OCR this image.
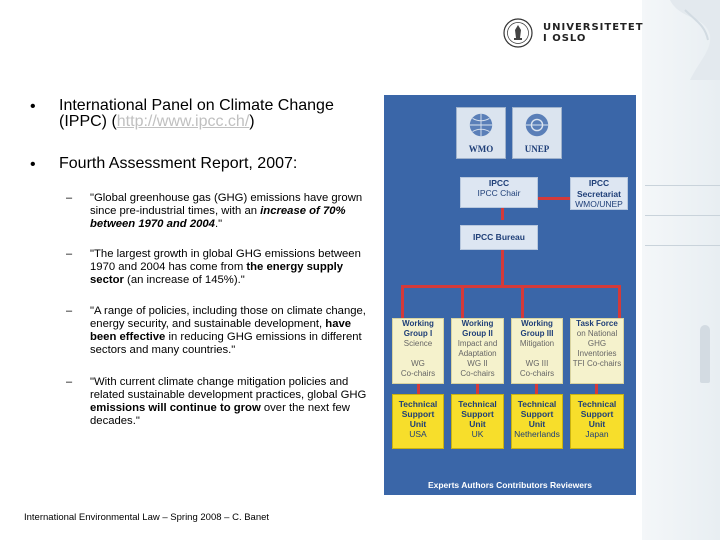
UNIVERSITETET
I OSLO
• International Panel on Climate Change (IPPC) (http://www.ipcc.ch/)
• Fourth Assessment Report, 2007:
– "Global greenhouse gas (GHG) emissions have grown since pre-industrial times, with an increase of 70% between 1970 and 2004."
– "The largest growth in global GHG emissions between 1970 and 2004 has come from the energy supply sector (an increase of 145%)."
– "A range of policies, including those on climate change, energy security, and sustainable development, have been effective in reducing GHG emissions in different sectors and many countries."
– "With current climate change mitigation policies and related sustainable development practices, global GHG emissions will continue to grow over the next few decades."
International Environmental Law – Spring 2008 – C. Banet
WMO	UNEP
IPCC
IPCC Chair
IPCC
Secretariat
WMO/UNEP
IPCC Bureau
Working
Group I
Science
WG
Co-chairs
Working
Group II
Impact and Adaptation
WG II
Co-chairs
Working
Group III
Mitigation
WG III
Co-chairs
Task Force
on National GHG Inventories
TFI Co-chairs
Technical
Support
Unit
USA
Technical
Support
Unit
UK
Technical
Support
Unit
Netherlands
Technical
Support
Unit
Japan
Experts Authors Contributors Reviewers
